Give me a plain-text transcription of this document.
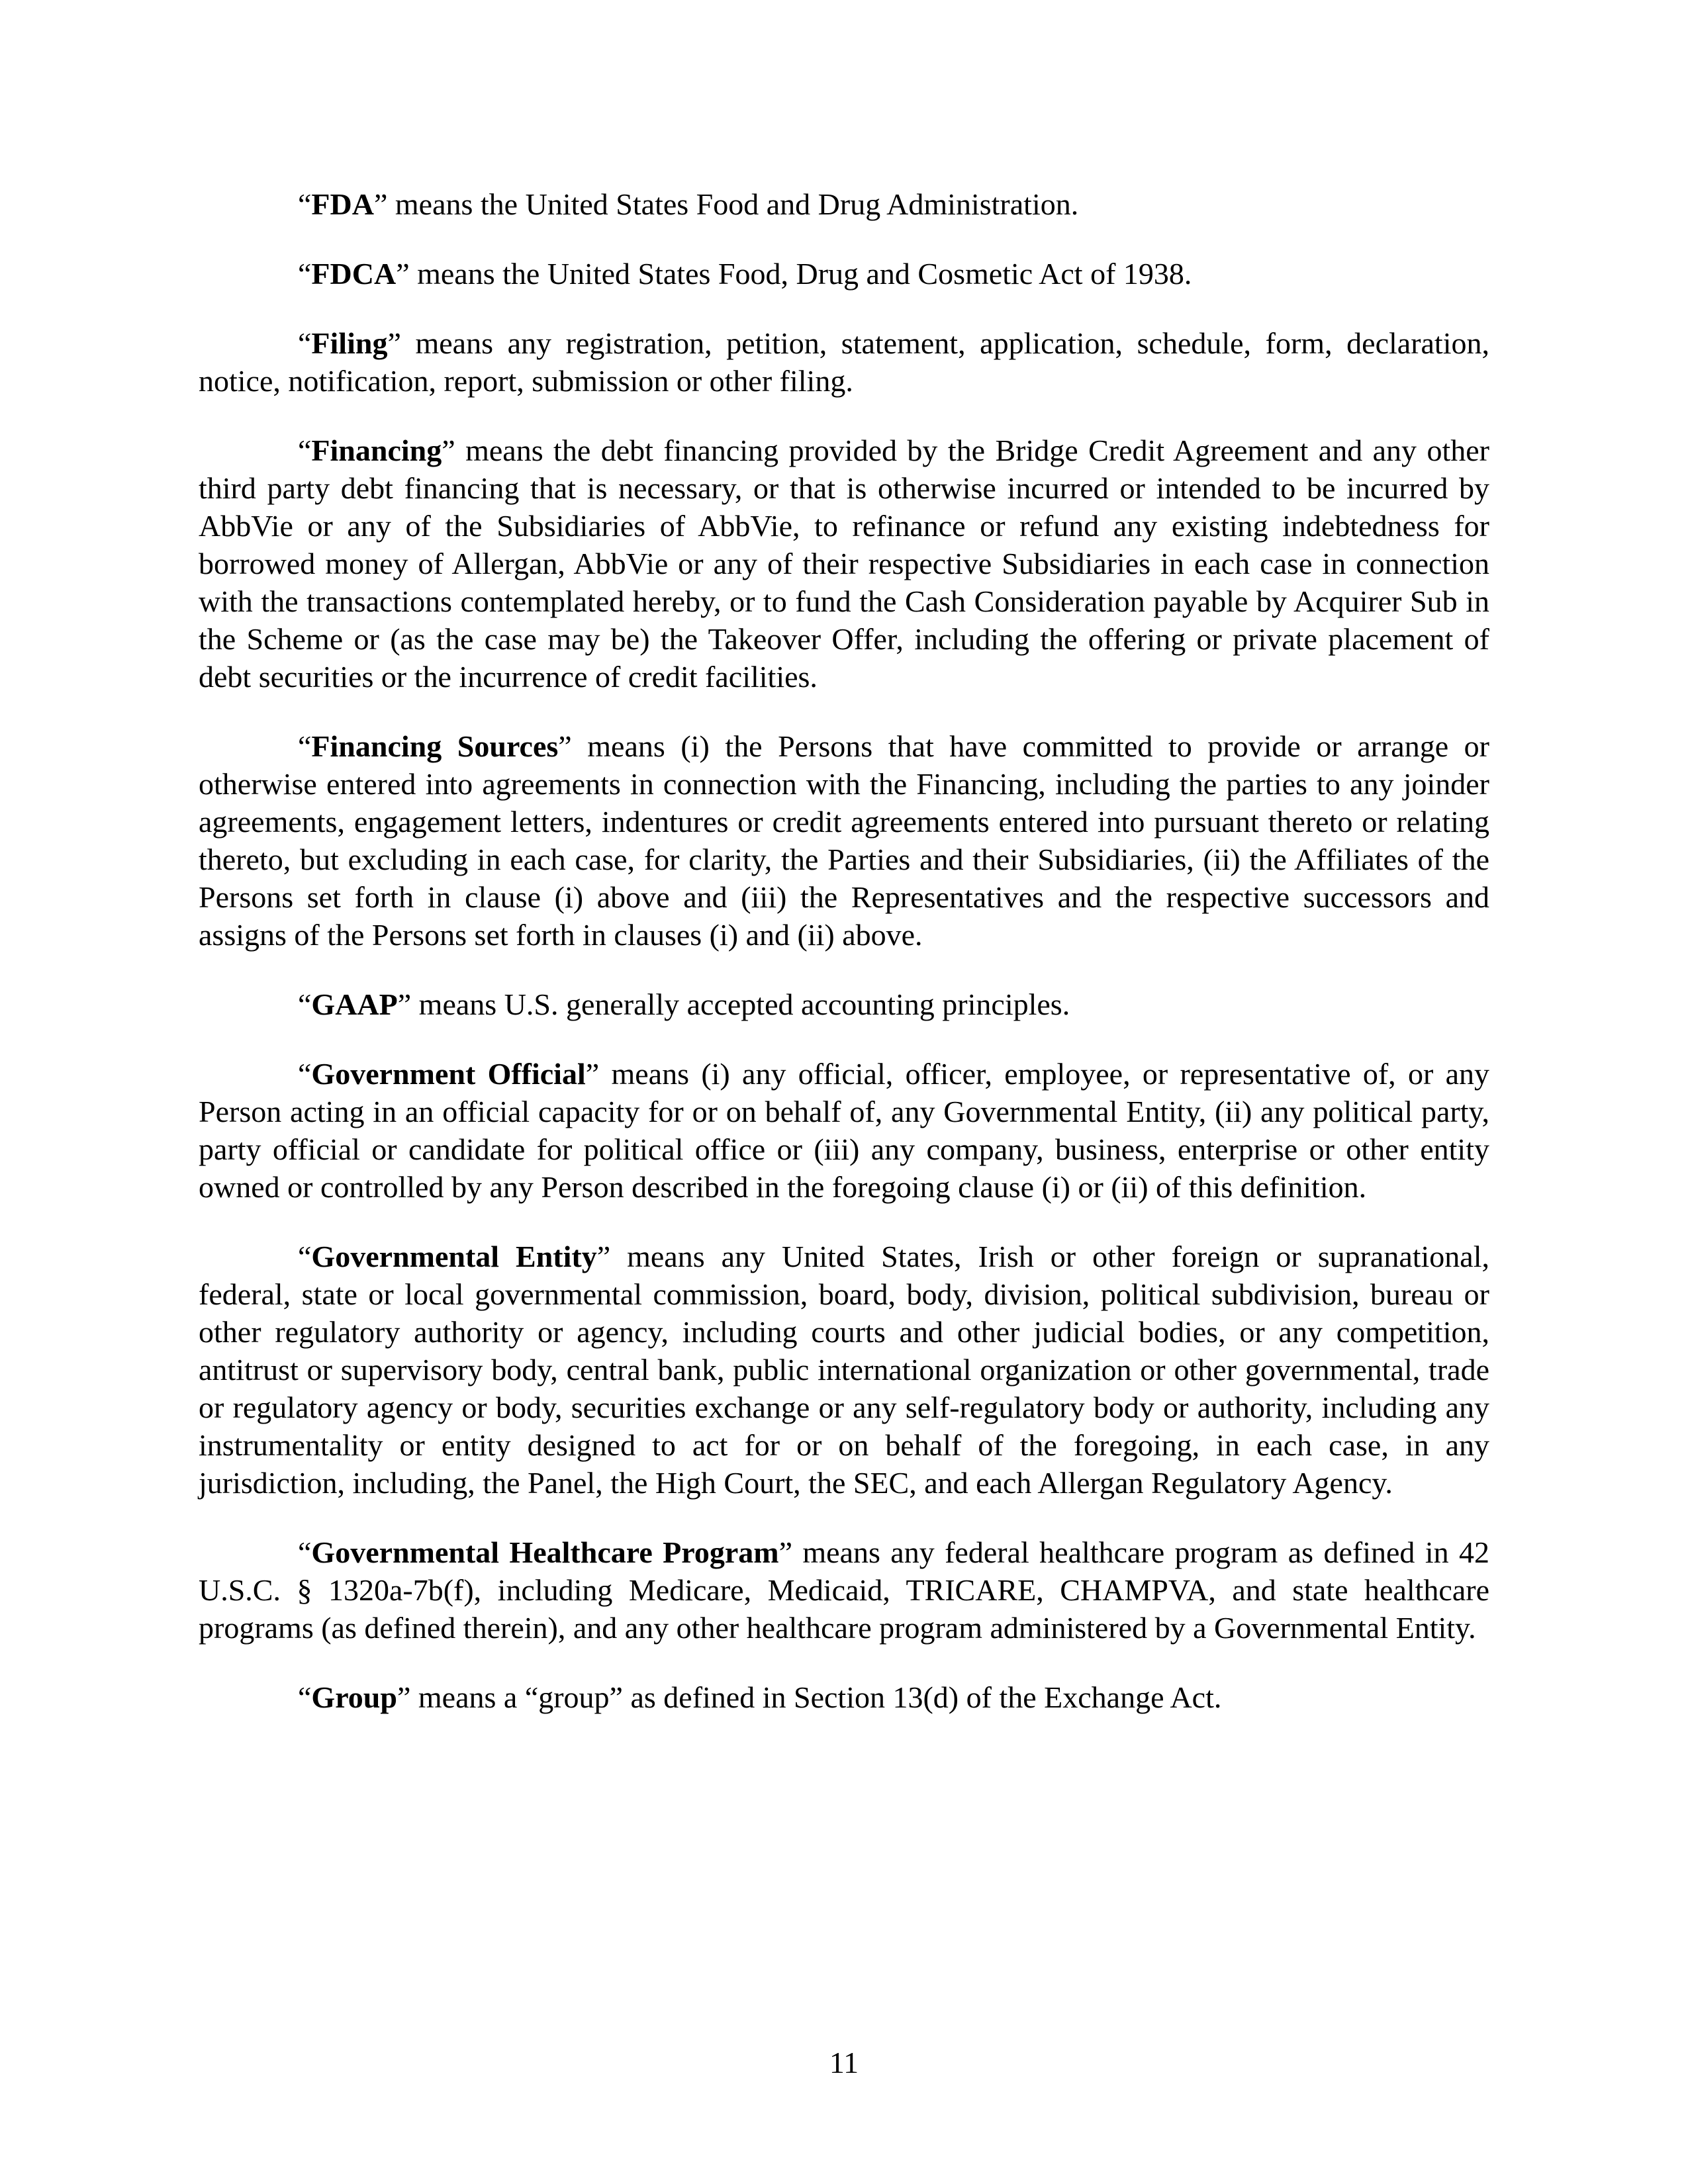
“FDA” means the United States Food and Drug Administration.

“FDCA” means the United States Food, Drug and Cosmetic Act of 1938.

“Filing” means any registration, petition, statement, application, schedule, form, declaration, notice, notification, report, submission or other filing.

“Financing” means the debt financing provided by the Bridge Credit Agreement and any other third party debt financing that is necessary, or that is otherwise incurred or intended to be incurred by AbbVie or any of the Subsidiaries of AbbVie, to refinance or refund any existing indebtedness for borrowed money of Allergan, AbbVie or any of their respective Subsidiaries in each case in connection with the transactions contemplated hereby, or to fund the Cash Consideration payable by Acquirer Sub in the Scheme or (as the case may be) the Takeover Offer, including the offering or private placement of debt securities or the incurrence of credit facilities.

“Financing Sources” means (i) the Persons that have committed to provide or arrange or otherwise entered into agreements in connection with the Financing, including the parties to any joinder agreements, engagement letters, indentures or credit agreements entered into pursuant thereto or relating thereto, but excluding in each case, for clarity, the Parties and their Subsidiaries, (ii) the Affiliates of the Persons set forth in clause (i) above and (iii) the Representatives and the respective successors and assigns of the Persons set forth in clauses (i) and (ii) above.

“GAAP” means U.S. generally accepted accounting principles.

“Government Official” means (i) any official, officer, employee, or representative of, or any Person acting in an official capacity for or on behalf of, any Governmental Entity, (ii) any political party, party official or candidate for political office or (iii) any company, business, enterprise or other entity owned or controlled by any Person described in the foregoing clause (i) or (ii) of this definition.

“Governmental Entity” means any United States, Irish or other foreign or supranational, federal, state or local governmental commission, board, body, division, political subdivision, bureau or other regulatory authority or agency, including courts and other judicial bodies, or any competition, antitrust or supervisory body, central bank, public international organization or other governmental, trade or regulatory agency or body, securities exchange or any self-regulatory body or authority, including any instrumentality or entity designed to act for or on behalf of the foregoing, in each case, in any jurisdiction, including, the Panel, the High Court, the SEC, and each Allergan Regulatory Agency.

“Governmental Healthcare Program” means any federal healthcare program as defined in 42 U.S.C. § 1320a-7b(f), including Medicare, Medicaid, TRICARE, CHAMPVA, and state healthcare programs (as defined therein), and any other healthcare program administered by a Governmental Entity.

“Group” means a “group” as defined in Section 13(d) of the Exchange Act.

11
